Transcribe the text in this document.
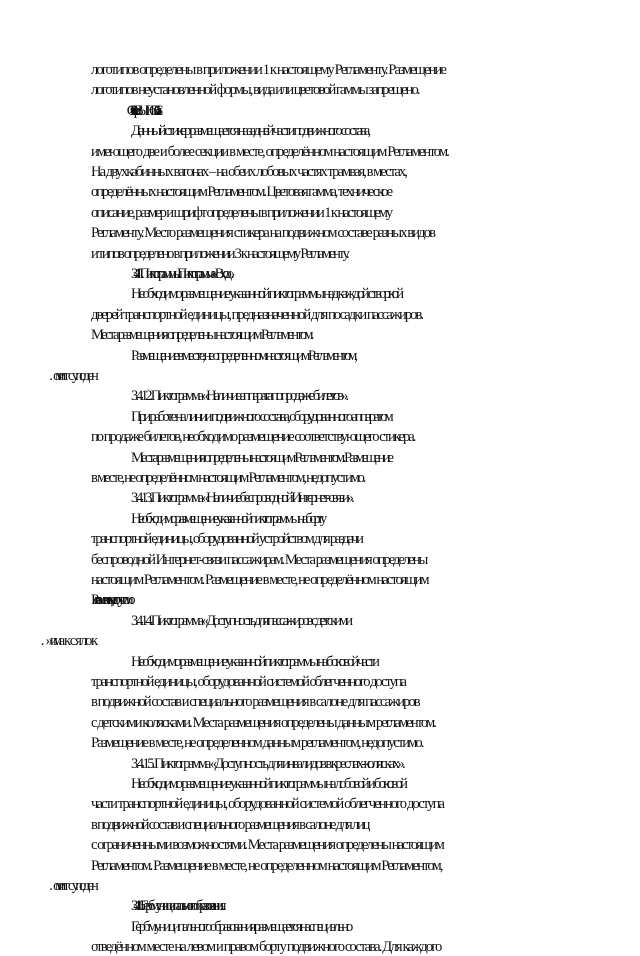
логотипов определены в приложении 1 к настоящему Регламенту. Размещение
логотипов неустановленной формы, вида или цветовой гаммы запрещено.
3.4.10. Стикер «ВЫНОС 1.5 м».
Данный стикер размещается на задней части подвижного состава,
имеющего две и более секции в месте, определённом настоящим Регламентом.
На двухкабинных вагонах – на обеих лобовых частях трамвая, в местах,
определённых настоящим Регламентом. Цветовая гамма, техническое
описание, размер и шрифт определены в приложении 1 к настоящему
Регламенту. Место размещения стикера на подвижном составе разных видов
и типов определено в приложении 3 к настоящему Регламенту.
3.4.11. Пиктограммы. Пиктограмма «Вход».
Необходимо размещение указанной пиктограммы над каждой створкой
дверей транспортной единицы, предназначенной для посадки пассажиров.
Места размещения определены настоящим Регламентом.
Размещение в месте, не определенном настоящим Регламентом,
3.4.12. Пиктограмма «Наличие аппарата по продаже билетов».
При работе на линии подвижного состава, оборудованного аппаратом
по продаже билетов, необходимо размещение соответствующего стикера.
Места размещения определены настоящим Регламентом. Размещение
в месте, не определённом настоящим Регламентом, недопустимо.
3.4.13. Пиктограмма «Наличие беспроводной Интернет-связи».
Необходимо размещение указанной пиктограммы на борту
транспортной единицы, оборудованной устройством для раздачи
беспроводной Интернет-связи пассажирам. Места размещения определены
настоящим Регламентом. Размещение в месте, не определённом настоящим
Регламентом, недопустимо.
3.4.14. Пиктограмма «Доступность для пассажиров с детскими
Необходимо размещение указанной пиктограммы на боковой части
транспортной единицы, оборудованной системой облегченного доступа
в подвижной состав и специального размещения в салоне для пассажиров
с детскими колясками. Места размещения определены данным регламентом.
Размещение в месте, не определенном данным регламентом, недопустимо.
3.4.15. Пиктограмма «Доступность для инвалидов в креслах-колясках».
Необходимо размещение указанной пиктограммы на лобовой и боковой
части транспортной единицы, оборудованной системой облегченного доступа
в подвижной состав и специального размещения в салоне для лиц
с ограниченными возможностями. Места размещения определены настоящим
Регламентом. Размещение в месте, не определенном настоящим Регламентом,
3.4.16. Герб муниципального образования.
Герб муниципального образования размещается на специально
отведённом месте на левом и правом борту подвижного состава. Для каждого
